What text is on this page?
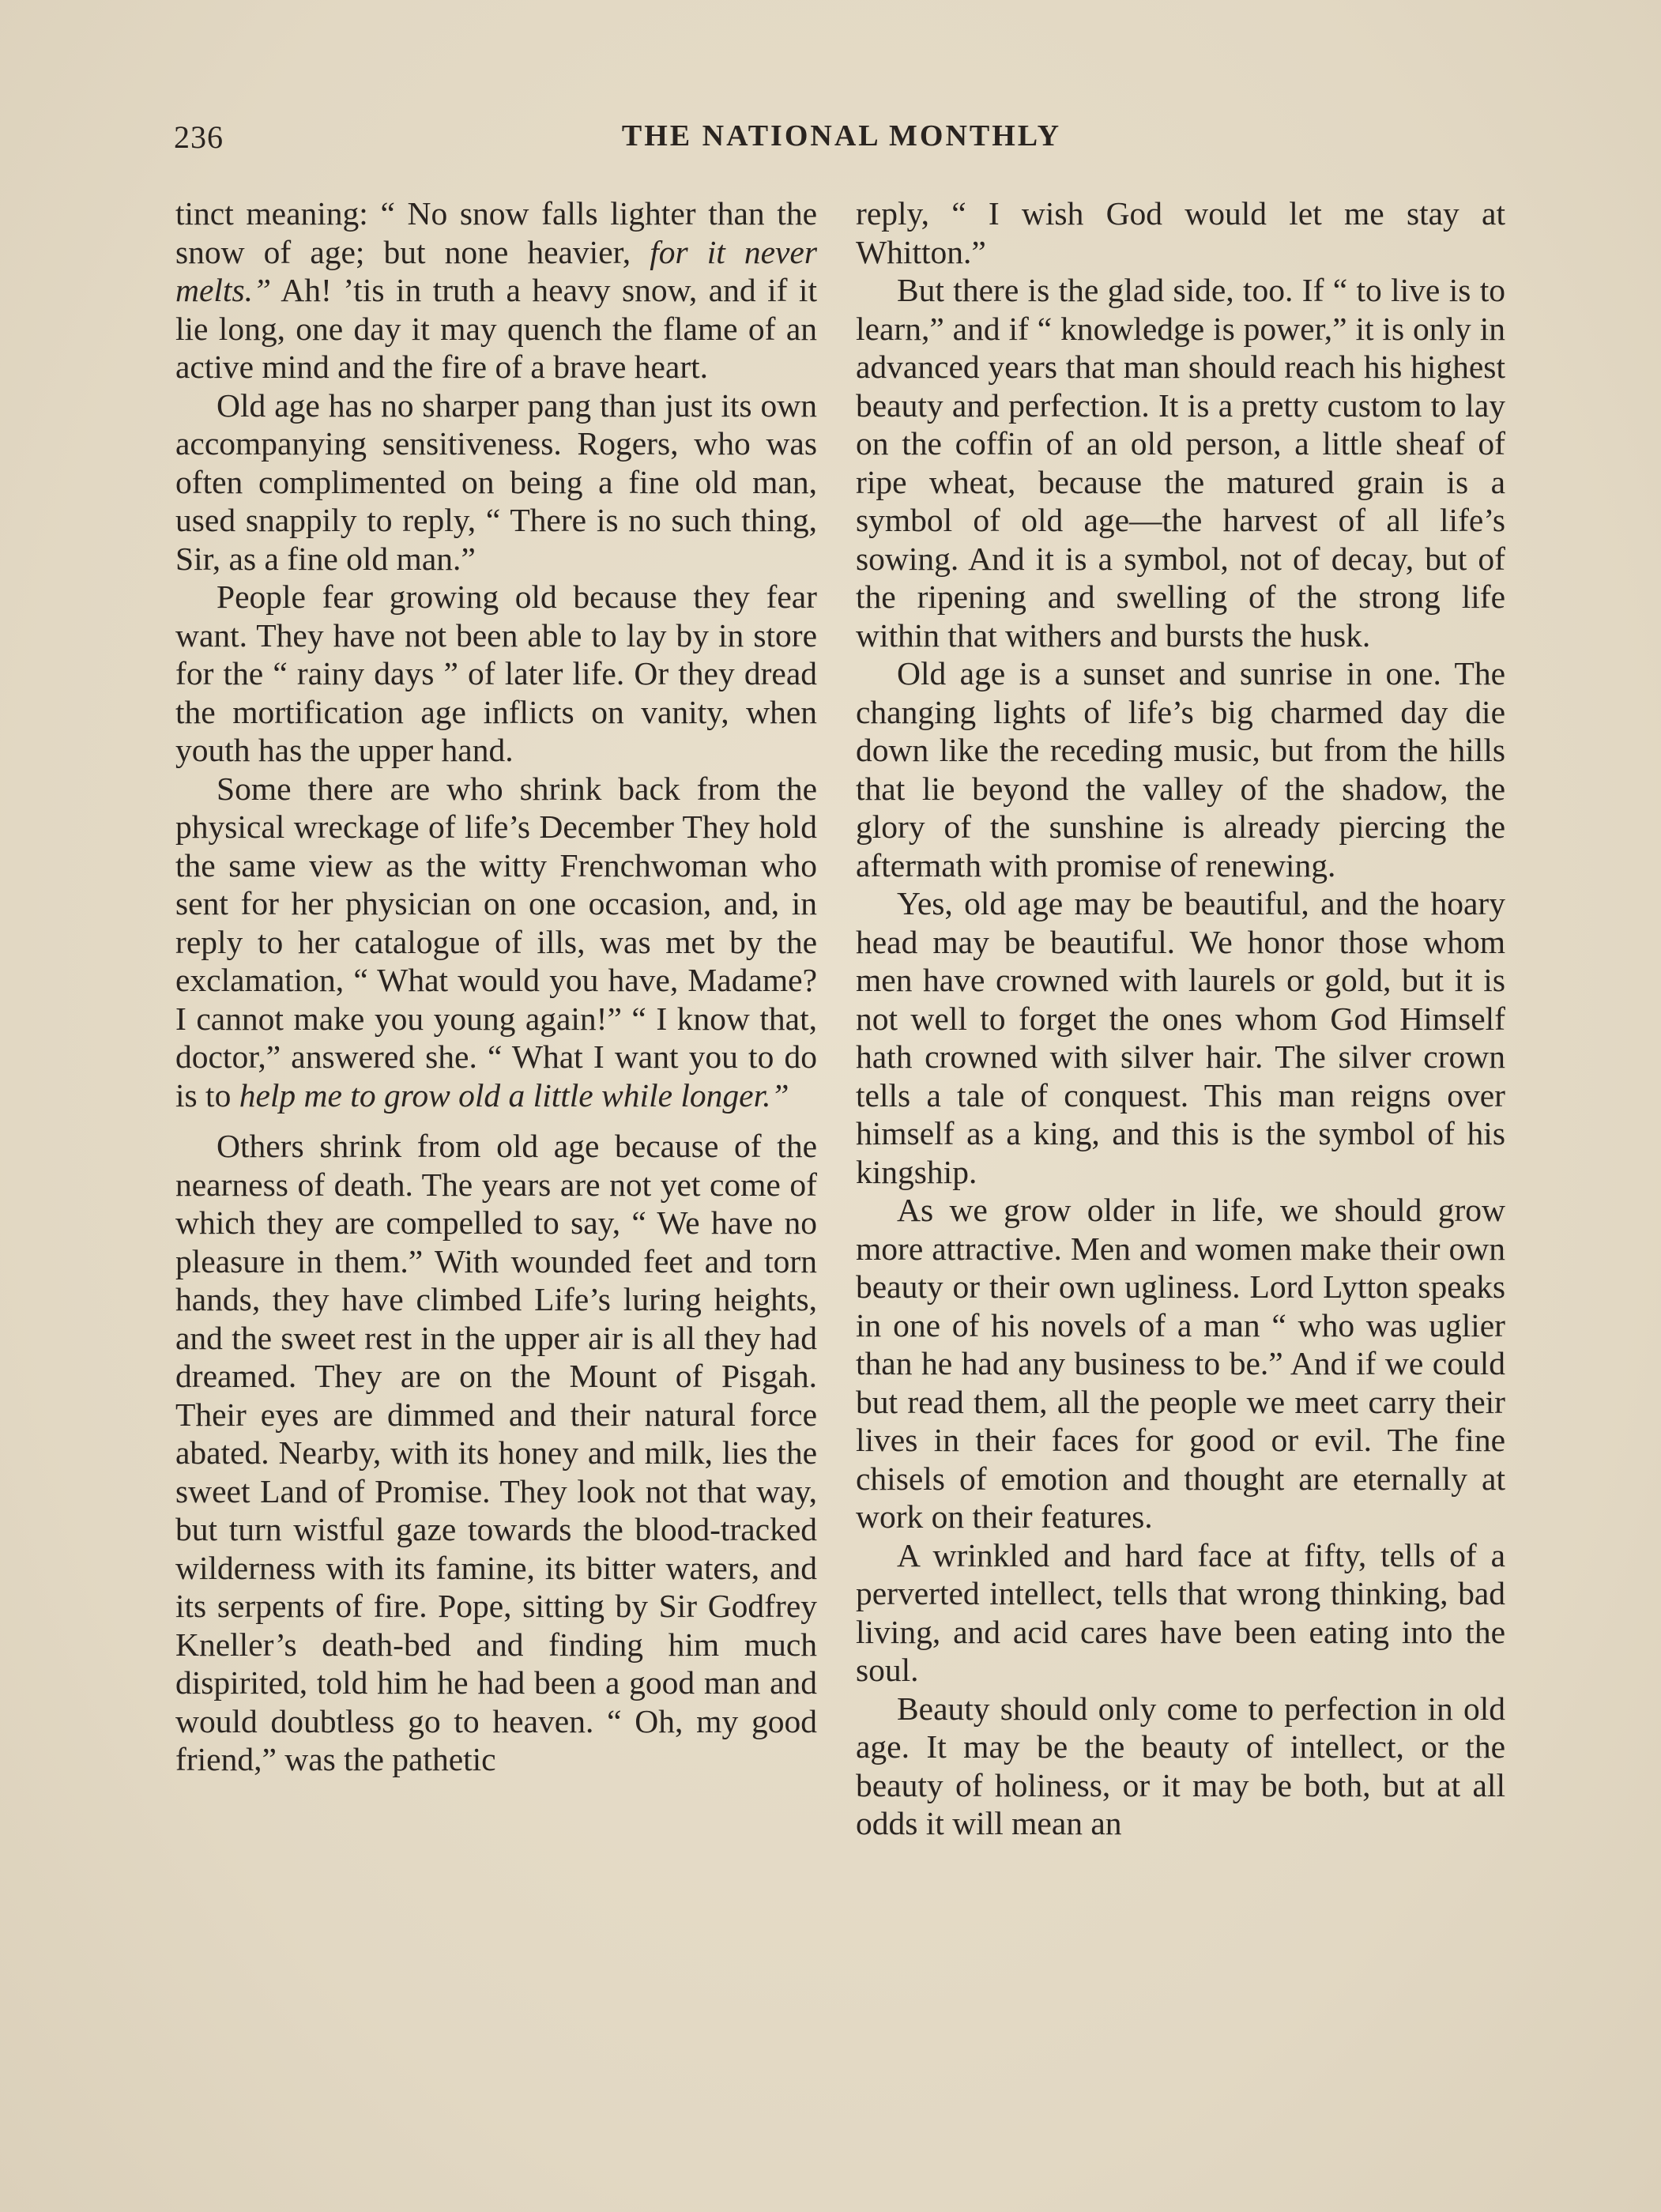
236	THE NATIONAL MONTHLY

tinct meaning: “ No snow falls lighter than the snow of age; but none heavier, for it never melts.” Ah! ’tis in truth a heavy snow, and if it lie long, one day it may quench the flame of an active mind and the fire of a brave heart.

Old age has no sharper pang than just its own accompanying sensitiveness. Rogers, who was often complimented on being a fine old man, used snappily to reply, “ There is no such thing, Sir, as a fine old man.”

People fear growing old because they fear want. They have not been able to lay by in store for the “ rainy days ” of later life. Or they dread the mortification age inflicts on vanity, when youth has the upper hand.

Some there are who shrink back from the physical wreckage of life’s December They hold the same view as the witty Frenchwoman who sent for her physician on one occasion, and, in reply to her catalogue of ills, was met by the exclamation, “ What would you have, Madame? I cannot make you young again!” “ I know that, doctor,” answered she. “ What I want you to do is to help me to grow old a little while longer.”

Others shrink from old age because of the nearness of death. The years are not yet come of which they are compelled to say, “ We have no pleasure in them.” With wounded feet and torn hands, they have climbed Life’s luring heights, and the sweet rest in the upper air is all they had dreamed. They are on the Mount of Pisgah. Their eyes are dimmed and their natural force abated. Nearby, with its honey and milk, lies the sweet Land of Promise. They look not that way, but turn wistful gaze towards the blood-tracked wilderness with its famine, its bitter waters, and its serpents of fire. Pope, sitting by Sir Godfrey Kneller’s death-bed and finding him much dispirited, told him he had been a good man and would doubtless go to heaven. “ Oh, my good friend,” was the pathetic

reply, “ I wish God would let me stay at Whitton.”

But there is the glad side, too. If “ to live is to learn,” and if “ knowledge is power,” it is only in advanced years that man should reach his highest beauty and perfection. It is a pretty custom to lay on the coffin of an old person, a little sheaf of ripe wheat, because the matured grain is a symbol of old age—the harvest of all life’s sowing. And it is a symbol, not of decay, but of the ripening and swelling of the strong life within that withers and bursts the husk.

Old age is a sunset and sunrise in one. The changing lights of life’s big charmed day die down like the receding music, but from the hills that lie beyond the valley of the shadow, the glory of the sunshine is already piercing the aftermath with promise of renewing.

Yes, old age may be beautiful, and the hoary head may be beautiful. We honor those whom men have crowned with laurels or gold, but it is not well to forget the ones whom God Himself hath crowned with silver hair. The silver crown tells a tale of conquest. This man reigns over himself as a king, and this is the symbol of his kingship.

As we grow older in life, we should grow more attractive. Men and women make their own beauty or their own ugliness. Lord Lytton speaks in one of his novels of a man “ who was uglier than he had any business to be.” And if we could but read them, all the people we meet carry their lives in their faces for good or evil. The fine chisels of emotion and thought are eternally at work on their features.

A wrinkled and hard face at fifty, tells of a perverted intellect, tells that wrong thinking, bad living, and acid cares have been eating into the soul.

Beauty should only come to perfection in old age. It may be the beauty of intellect, or the beauty of holiness, or it may be both, but at all odds it will mean an
